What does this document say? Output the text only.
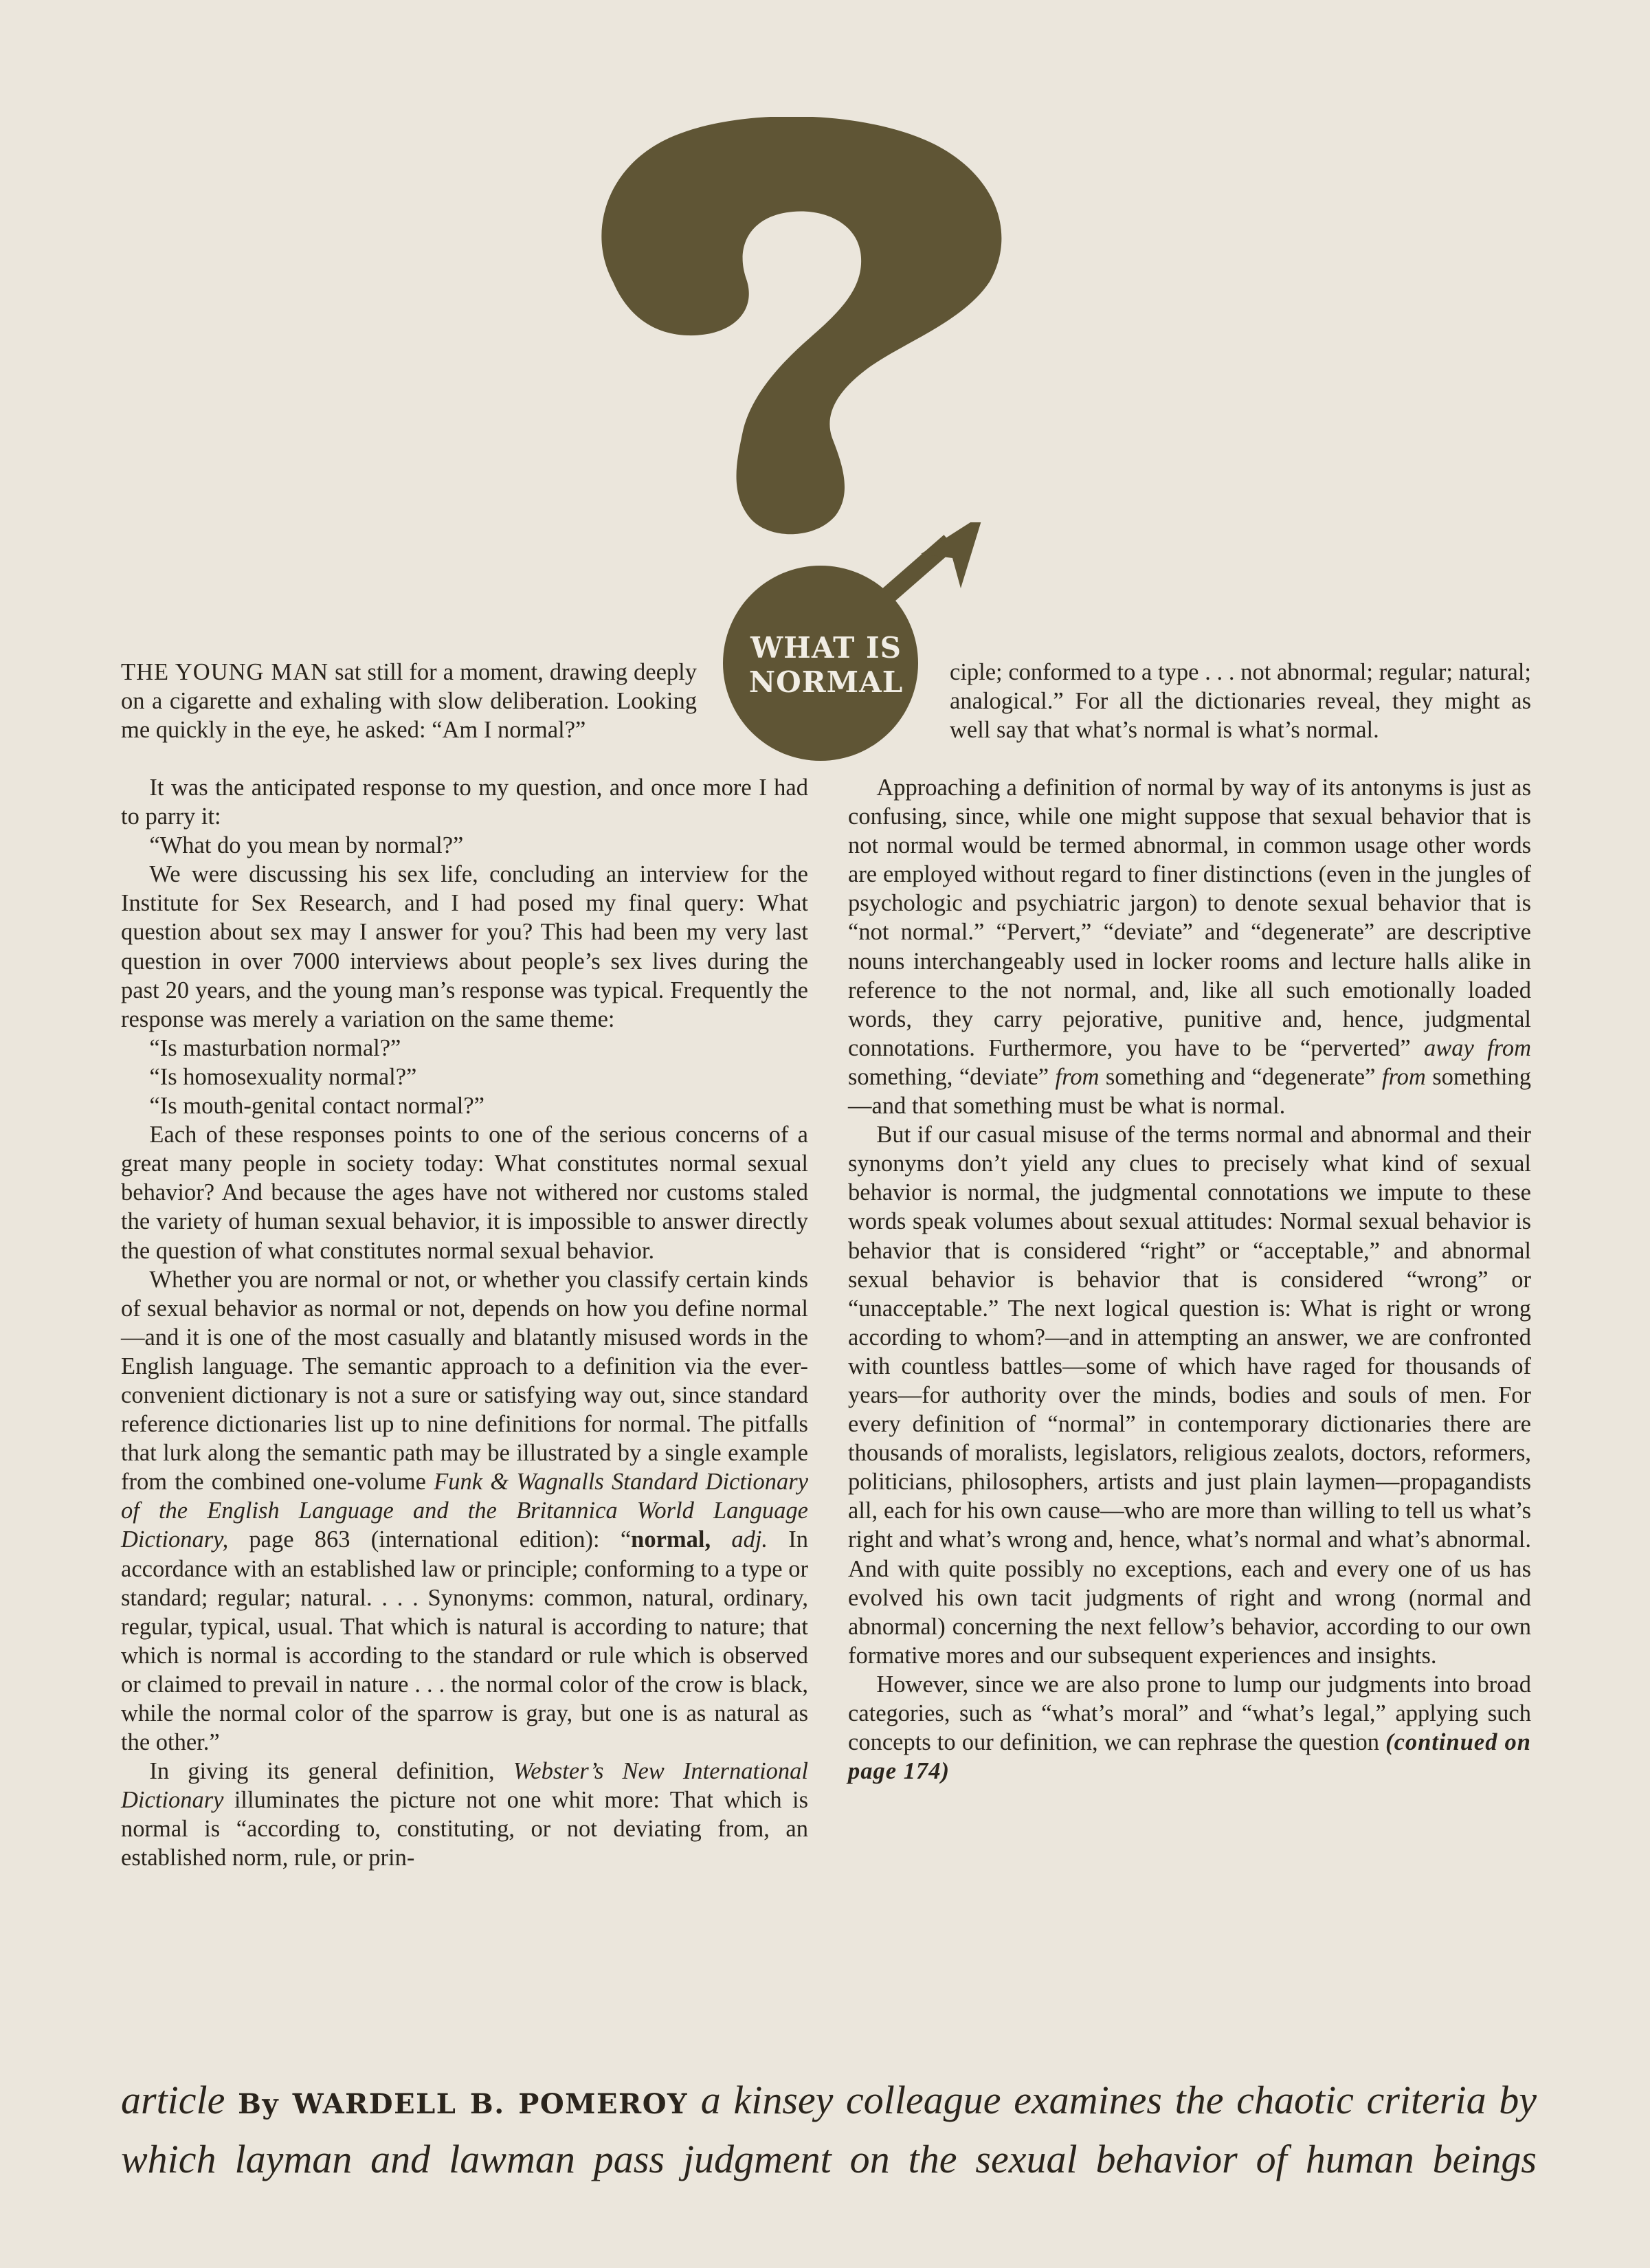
WHAT IS
NORMAL

THE YOUNG MAN sat still for a moment, drawing deeply on a cigarette and exhaling with slow deliberation. Looking me quickly in the eye, he asked: “Am I normal?”

It was the anticipated response to my question, and once more I had to parry it:

“What do you mean by normal?”

We were discussing his sex life, concluding an interview for the Institute for Sex Research, and I had posed my final query: What question about sex may I answer for you? This had been my very last question in over 7000 interviews about people’s sex lives during the past 20 years, and the young man’s response was typical. Frequently the response was merely a variation on the same theme:

“Is masturbation normal?”

“Is homosexuality normal?”

“Is mouth-genital contact normal?”

Each of these responses points to one of the serious concerns of a great many people in society today: What constitutes normal sexual behavior? And because the ages have not withered nor customs staled the variety of human sexual behavior, it is impossible to answer directly the question of what constitutes normal sexual behavior.

Whether you are normal or not, or whether you classify certain kinds of sexual behavior as normal or not, depends on how you define normal—and it is one of the most casually and blatantly misused words in the English language. The semantic approach to a definition via the ever-convenient dictionary is not a sure or satisfying way out, since standard reference dictionaries list up to nine definitions for normal. The pitfalls that lurk along the semantic path may be illustrated by a single example from the combined one-volume Funk & Wagnalls Standard Dictionary of the English Language and the Britannica World Language Dictionary, page 863 (international edition): “normal, adj. In accordance with an established law or principle; conforming to a type or standard; regular; natural. . . . Synonyms: common, natural, ordinary, regular, typical, usual. That which is natural is according to nature; that which is normal is according to the standard or rule which is observed or claimed to prevail in nature . . . the normal color of the crow is black, while the normal color of the sparrow is gray, but one is as natural as the other.”

In giving its general definition, Webster’s New International Dictionary illuminates the picture not one whit more: That which is normal is “according to, constituting, or not deviating from, an established norm, rule, or prin-

ciple; conformed to a type . . . not abnormal; regular; natural; analogical.” For all the dictionaries reveal, they might as well say that what’s normal is what’s normal.

Approaching a definition of normal by way of its antonyms is just as confusing, since, while one might suppose that sexual behavior that is not normal would be termed abnormal, in common usage other words are employed without regard to finer distinctions (even in the jungles of psychologic and psychiatric jargon) to denote sexual behavior that is “not normal.” “Pervert,” “deviate” and “degenerate” are descriptive nouns interchangeably used in locker rooms and lecture halls alike in reference to the not normal, and, like all such emotionally loaded words, they carry pejorative, punitive and, hence, judgmental connotations. Furthermore, you have to be “perverted” away from something, “deviate” from something and “degenerate” from something—and that something must be what is normal.

But if our casual misuse of the terms normal and abnormal and their synonyms don’t yield any clues to precisely what kind of sexual behavior is normal, the judgmental connotations we impute to these words speak volumes about sexual attitudes: Normal sexual behavior is behavior that is considered “right” or “acceptable,” and abnormal sexual behavior is behavior that is considered “wrong” or “unacceptable.” The next logical question is: What is right or wrong according to whom?—and in attempting an answer, we are confronted with countless battles—some of which have raged for thousands of years—for authority over the minds, bodies and souls of men. For every definition of “normal” in contemporary dictionaries there are thousands of moralists, legislators, religious zealots, doctors, reformers, politicians, philosophers, artists and just plain laymen—propagandists all, each for his own cause—who are more than willing to tell us what’s right and what’s wrong and, hence, what’s normal and what’s abnormal. And with quite possibly no exceptions, each and every one of us has evolved his own tacit judgments of right and wrong (normal and abnormal) concerning the next fellow’s behavior, according to our own formative mores and our subsequent experiences and insights.

However, since we are also prone to lump our judgments into broad categories, such as “what’s moral” and “what’s legal,” applying such concepts to our definition, we can rephrase the question (continued on page 174)

article By WARDELL B. POMEROY a kinsey colleague examines the chaotic criteria by which layman and lawman pass judgment on the sexual behavior of human beings
